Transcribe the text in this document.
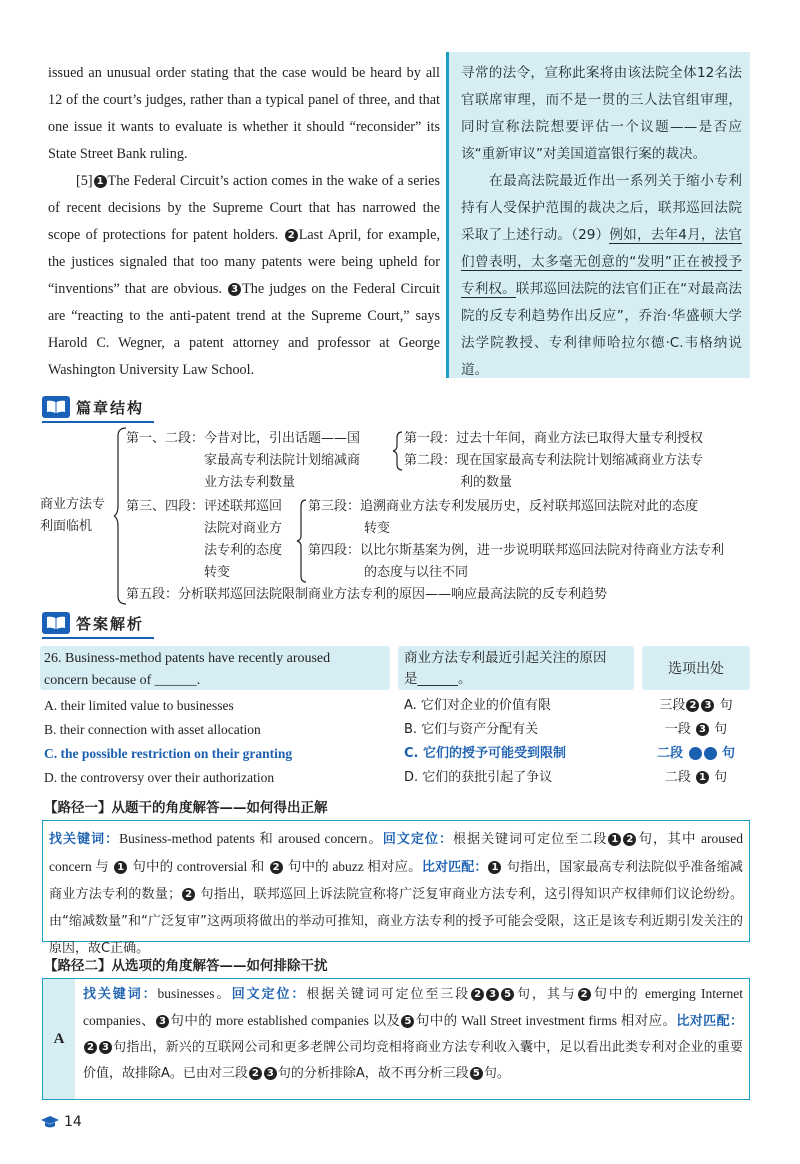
issued an unusual order stating that the case would be heard by all 12 of the court’s judges, rather than a typical panel of three, and that one issue it wants to evaluate is whether it should “reconsider” its State Street Bank ruling.

[5] 1 The Federal Circuit’s action comes in the wake of a series of recent decisions by the Supreme Court that has narrowed the scope of protections for patent holders. 2 Last April, for example, the justices signaled that too many patents were being upheld for “inventions” that are obvious. 3 The judges on the Federal Circuit are “reacting to the anti-patent trend at the Supreme Court,” says Harold C. Wegner, a patent attorney and professor at George Washington University Law School.

寻常的法令，宣称此案将由该法院全体12名法官联席审理，而不是一贯的三人法官组审理，同时宣称法院想要评估一个议题——是否应该“重新审议”对美国道富银行案的裁决。

在最高法院最近作出一系列关于缩小专利持有人受保护范围的裁决之后，联邦巡回法院采取了上述行动。（29）例如，去年4月，法官们曾表明，太多毫无创意的“发明”正在被授予专利权。联邦巡回法院的法官们正在“对最高法院的反专利趋势作出反应”，乔治·华盛顿大学法学院教授、专利律师哈拉尔德·C.韦格纳说道。

篇章结构
商业方法专利面临机
第一、二段：今昔对比，引出话题——国
家最高专利法院计划缩减商
业方法专利数量
第一段：过去十年间，商业方法已取得大量专利授权
第二段：现在国家最高专利法院计划缩减商业方法专
利的数量
第三、四段：评述联邦巡回
法院对商业方
法专利的态度
转变
第三段：追溯商业方法专利发展历史，反衬联邦巡回法院对此的态度
转变
第四段：以比尔斯基案为例，进一步说明联邦巡回法院对待商业方法专利
的态度与以往不同
第五段：分析联邦巡回法院限制商业方法专利的原因——响应最高法院的反专利趋势
答案解析
26. Business-method patents have recently aroused
concern because of ______.
商业方法专利最近引起关注的原因
是______。
选项出处
A. their limited value to businesses
B. their connection with asset allocation
C. the possible restriction on their granting
D. the controversy over their authorization
A. 它们对企业的价值有限
B. 它们与资产分配有关
C. 它们的授予可能受到限制
D. 它们的获批引起了争议
三段 2 3 句
一段 3 句
二段 1 2 句
二段 1 句
【路径一】从题干的角度解答——如何得出正解
找关键词：Business-method patents 和 aroused concern。回文定位：根据关键词可定位至二段 1 2 句，其中 aroused concern 与 1 句中的 controversial 和 2 句中的 abuzz 相对应。比对匹配： 1 句指出，国家最高专利法院似乎准备缩减商业方法专利的数量； 2 句指出，联邦巡回上诉法院宣称将广泛复审商业方法专利，这引得知识产权律师们议论纷纷。由“缩减数量”和“广泛复审”这两项将做出的举动可推知，商业方法专利的授予可能会受限，这正是该专利近期引发关注的原因，故C正确。
【路径二】从选项的角度解答——如何排除干扰
A
找关键词：businesses。回文定位：根据关键词可定位至三段 2 3 5 句，其与 2 句中的 emerging Internet companies、 3 句中的 more established companies 以及 5 句中的 Wall Street investment firms 相对应。比对匹配：2 3 句指出，新兴的互联网公司和更多老牌公司均竞相将商业方法专利收入囊中，足以看出此类专利对企业的重要价值，故排除A。已由对三段 2 3 句的分析排除A，故不再分析三段 5 句。
14
